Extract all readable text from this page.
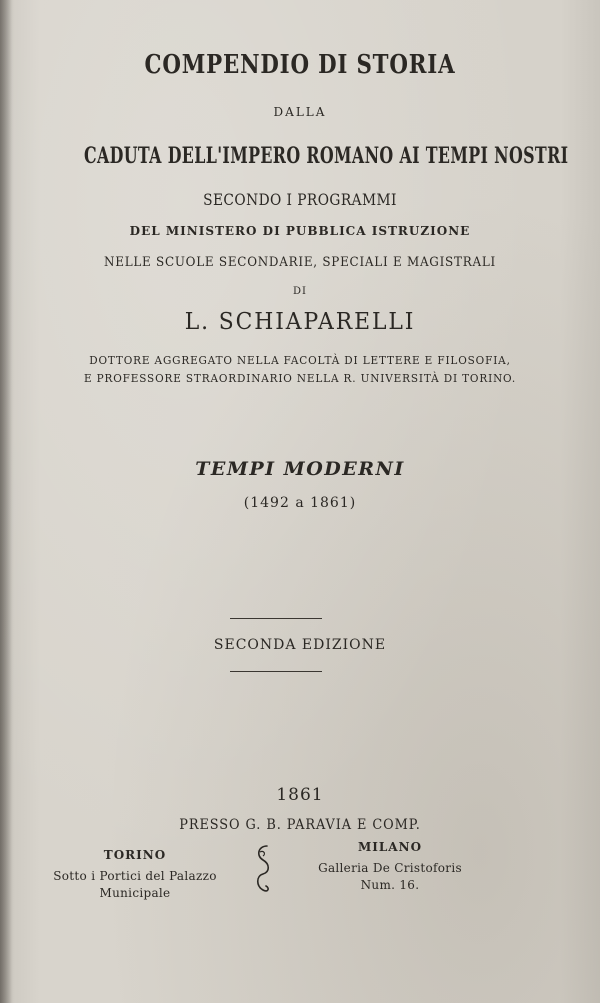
COMPENDIO DI STORIA
DALLA
CADUTA DELL'IMPERO ROMANO AI TEMPI NOSTRI
SECONDO I PROGRAMMI
DEL MINISTERO DI PUBBLICA ISTRUZIONE
NELLE SCUOLE SECONDARIE, SPECIALI E MAGISTRALI
DI
L. SCHIAPARELLI
DOTTORE AGGREGATO NELLA FACOLTÀ DI LETTERE E FILOSOFIA,
E PROFESSORE STRAORDINARIO NELLA R. UNIVERSITÀ DI TORINO.
TEMPI MODERNI
(1492 a 1861)
SECONDA EDIZIONE
1861
PRESSO G. B. PARAVIA E COMP.
TORINO
Sotto i Portici del Palazzo
Municipale
MILANO
Galleria De Cristoforis
Num. 16.
